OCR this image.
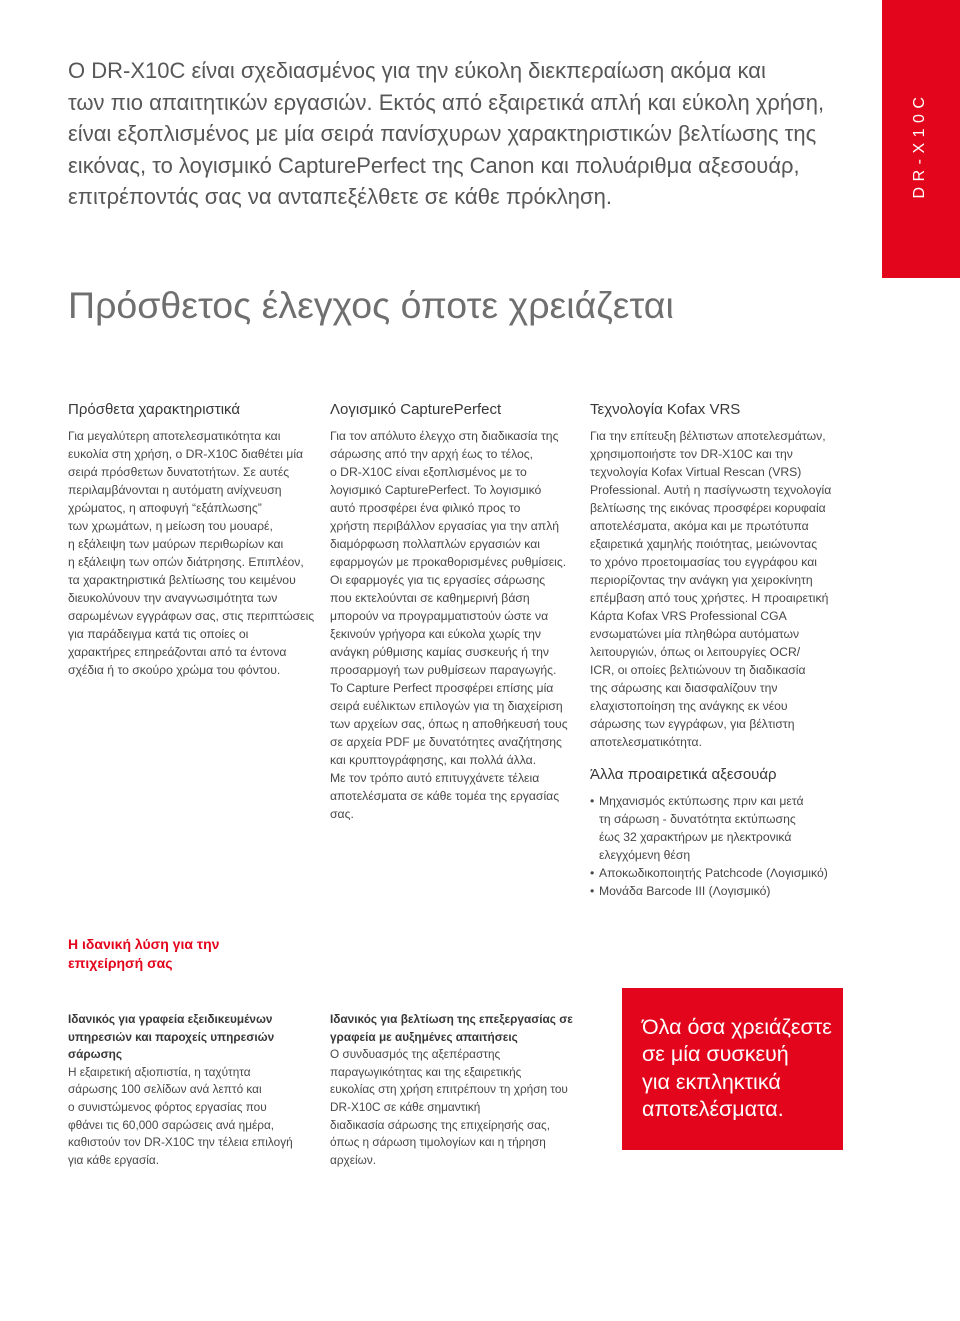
Ο DR-X10C είναι σχεδιασμένος για την εύκολη διεκπεραίωση ακόμα και
των πιο απαιτητικών εργασιών. Εκτός από εξαιρετικά απλή και εύκολη χρήση,
είναι εξοπλισμένος με μία σειρά πανίσχυρων χαρακτηριστικών βελτίωσης της
εικόνας, το λογισμικό CapturePerfect της Canon και πολυάριθμα αξεσουάρ,
επιτρέποντάς σας να ανταπεξέλθετε σε κάθε πρόκληση.	DR-X10C
Πρόσθετος έλεγχος όποτε χρειάζεται
Πρόσθετα χαρακτηριστικά
Για μεγαλύτερη αποτελεσματικότητα και
ευκολία στη χρήση, ο DR-X10C διαθέτει μία
σειρά πρόσθετων δυνατοτήτων. Σε αυτές
περιλαμβάνονται η αυτόματη ανίχνευση
χρώματος, η αποφυγή “εξάπλωσης”
των χρωμάτων, η μείωση του μουαρέ,
η εξάλειψη των μαύρων περιθωρίων και
η εξάλειψη των οπών διάτρησης. Επιπλέον,
τα χαρακτηριστικά βελτίωσης του κειμένου
διευκολύνουν την αναγνωσιμότητα των
σαρωμένων εγγράφων σας, στις περιπτώσεις
για παράδειγμα κατά τις οποίες οι
χαρακτήρες επηρεάζονται από τα έντονα
σχέδια ή το σκούρο χρώμα του φόντου.
Λογισμικό CapturePerfect
Για τον απόλυτο έλεγχο στη διαδικασία της
σάρωσης από την αρχή έως το τέλος,
ο DR-X10C είναι εξοπλισμένος με το
λογισμικό CapturePerfect. Το λογισμικό
αυτό προσφέρει ένα φιλικό προς το
χρήστη περιβάλλον εργασίας για την απλή
διαμόρφωση πολλαπλών εργασιών και
εφαρμογών με προκαθορισμένες ρυθμίσεις.
Οι εφαρμογές για τις εργασίες σάρωσης
που εκτελούνται σε καθημερινή βάση
μπορούν να προγραμματιστούν ώστε να
ξεκινούν γρήγορα και εύκολα χωρίς την
ανάγκη ρύθμισης καμίας συσκευής ή την
προσαρμογή των ρυθμίσεων παραγωγής.
Το Capture Perfect προσφέρει επίσης μία
σειρά ευέλικτων επιλογών για τη διαχείριση
των αρχείων σας, όπως η αποθήκευσή τους
σε αρχεία PDF με δυνατότητες αναζήτησης
και κρυπτογράφησης, και πολλά άλλα.
Με τον τρόπο αυτό επιτυγχάνετε τέλεια
αποτελέσματα σε κάθε τομέα της εργασίας
σας.
Τεχνολογία Kofax VRS
Για την επίτευξη βέλτιστων αποτελεσμάτων,
χρησιμοποιήστε τον DR-X10C και την
τεχνολογία Kofax Virtual Rescan (VRS)
Professional. Αυτή η πασίγνωστη τεχνολογία
βελτίωσης της εικόνας προσφέρει κορυφαία
αποτελέσματα, ακόμα και με πρωτότυπα
εξαιρετικά χαμηλής ποιότητας, μειώνοντας
το χρόνο προετοιμασίας του εγγράφου και
περιορίζοντας την ανάγκη για χειροκίνητη
επέμβαση από τους χρήστες. Η προαιρετική
Κάρτα Kofax VRS Professional CGA
ενσωματώνει μία πληθώρα αυτόματων
λειτουργιών, όπως οι λειτουργίες OCR/
ICR, οι οποίες βελτιώνουν τη διαδικασία
της σάρωσης και διασφαλίζουν την
ελαχιστοποίηση της ανάγκης εκ νέου
σάρωσης των εγγράφων, για βέλτιστη
αποτελεσματικότητα.
Άλλα προαιρετικά αξεσουάρ
• Μηχανισμός εκτύπωσης πριν και μετά
τη σάρωση - δυνατότητα εκτύπωσης
έως 32 χαρακτήρων με ηλεκτρονικά
ελεγχόμενη θέση
• Αποκωδικοποιητής Patchcode (Λογισμικό)
• Μονάδα Barcode III (Λογισμικό)
Η ιδανική λύση για την
επιχείρησή σας
Ιδανικός για γραφεία εξειδικευμένων
υπηρεσιών και παροχείς υπηρεσιών
σάρωσης
Η εξαιρετική αξιοπιστία, η ταχύτητα
σάρωσης 100 σελίδων ανά λεπτό και
ο συνιστώμενος φόρτος εργασίας που
φθάνει τις 60,000 σαρώσεις ανά ημέρα,
καθιστούν τον DR-X10C την τέλεια επιλογή
για κάθε εργασία.
Ιδανικός για βελτίωση της επεξεργασίας σε
γραφεία με αυξημένες απαιτήσεις
Ο συνδυασμός της αξεπέραστης
παραγωγικότητας και της εξαιρετικής
ευκολίας στη χρήση επιτρέπουν τη χρήση του
DR-X10C σε κάθε σημαντική
διαδικασία σάρωσης της επιχείρησής σας,
όπως η σάρωση τιμολογίων και η τήρηση
αρχείων.
Όλα όσα χρειάζεστε
σε μία συσκευή
για εκπληκτικά
αποτελέσματα.
